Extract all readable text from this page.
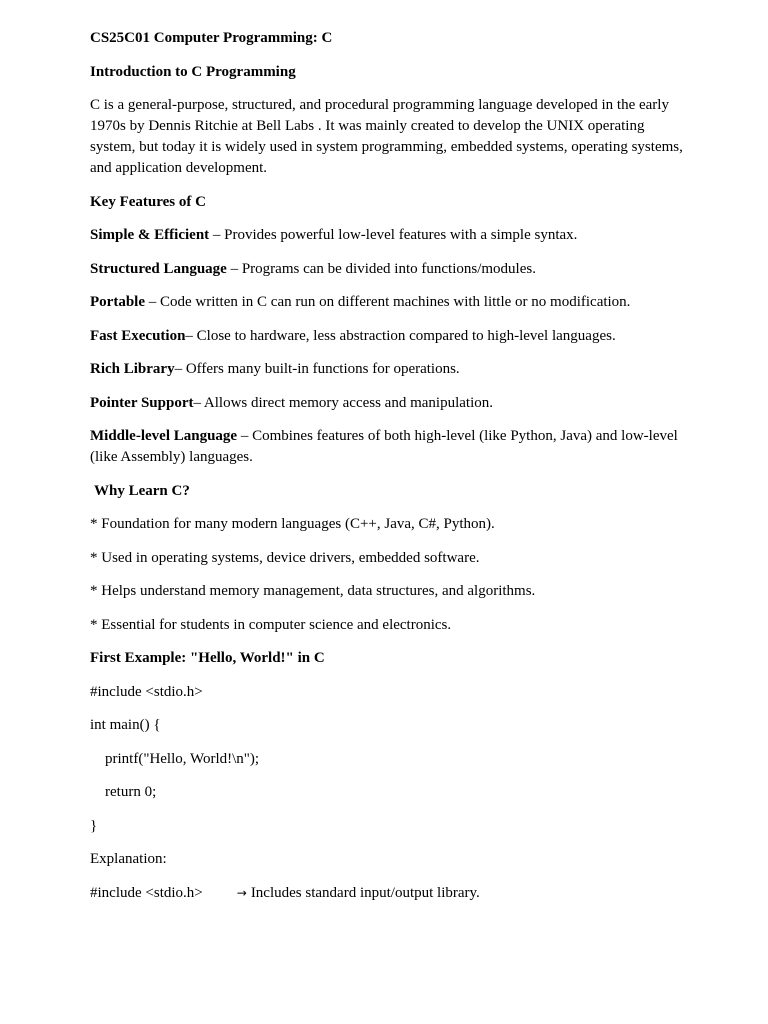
CS25C01 Computer Programming: C

Introduction to C Programming

C is a general-purpose, structured, and procedural programming language developed in the early 1970s by Dennis Ritchie at Bell Labs . It was mainly created to develop the UNIX operating system, but today it is widely used in system programming, embedded systems, operating systems, and application development.

Key Features of C

Simple & Efficient – Provides powerful low-level features with a simple syntax.

Structured Language – Programs can be divided into functions/modules.

Portable – Code written in C can run on different machines with little or no modification.

Fast Execution– Close to hardware, less abstraction compared to high-level languages.

Rich Library– Offers many built-in functions for operations.

Pointer Support– Allows direct memory access and manipulation.

Middle-level Language – Combines features of both high-level (like Python, Java) and low-level (like Assembly) languages.

Why Learn C?

* Foundation for many modern languages (C++, Java, C#, Python).

* Used in operating systems, device drivers, embedded software.

* Helps understand memory management, data structures, and algorithms.

* Essential for students in computer science and electronics.

First Example: "Hello, World!" in C

#include <stdio.h>

int main() {

printf("Hello, World!\n");

return 0;

}

Explanation:

#include <stdio.h>	→ Includes standard input/output library.
